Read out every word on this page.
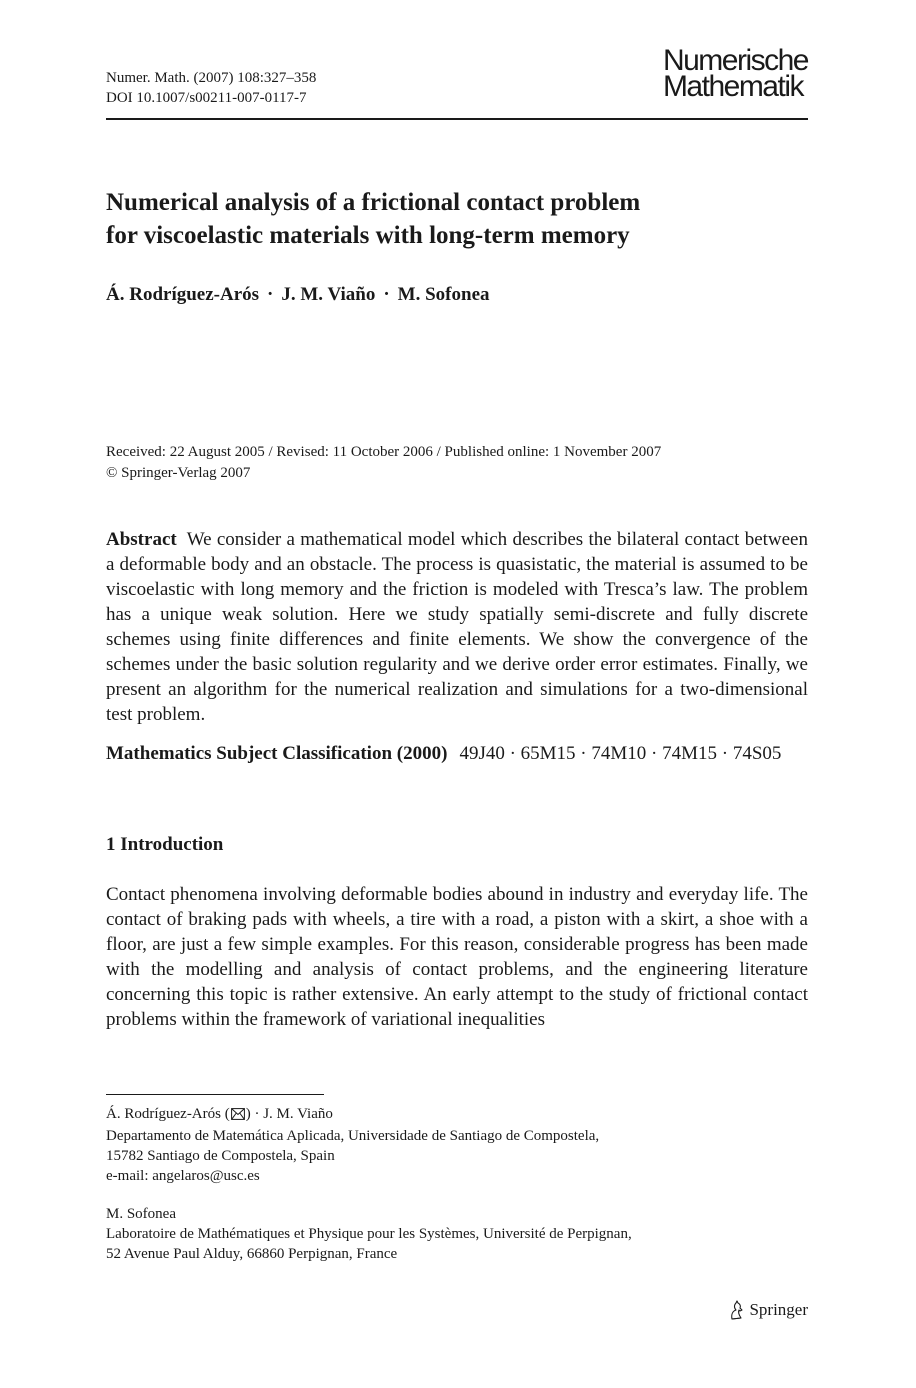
Numer. Math. (2007) 108:327–358
DOI 10.1007/s00211-007-0117-7
Numerische
Mathematik
Numerical analysis of a frictional contact problem
for viscoelastic materials with long-term memory
Á. Rodríguez-Arós · J. M. Viaño · M. Sofonea
Received: 22 August 2005 / Revised: 11 October 2006 / Published online: 1 November 2007
© Springer-Verlag 2007

Abstract We consider a mathematical model which describes the bilateral contact between a deformable body and an obstacle. The process is quasistatic, the material is assumed to be viscoelastic with long memory and the friction is modeled with Tresca’s law. The problem has a unique weak solution. Here we study spatially semi-discrete and fully discrete schemes using finite differences and finite elements. We show the convergence of the schemes under the basic solution regularity and we derive order error estimates. Finally, we present an algorithm for the numerical realization and simulations for a two-dimensional test problem.

Mathematics Subject Classification (2000) 49J40 · 65M15 · 74M10 · 74M15 · 74S05

1 Introduction

Contact phenomena involving deformable bodies abound in industry and everyday life. The contact of braking pads with wheels, a tire with a road, a piston with a skirt, a shoe with a floor, are just a few simple examples. For this reason, considerable progress has been made with the modelling and analysis of contact problems, and the engineering literature concerning this topic is rather extensive. An early attempt to the study of frictional contact problems within the framework of variational inequalities

Á. Rodríguez-Arós ( ) · J. M. Viaño
Departamento de Matemática Aplicada, Universidade de Santiago de Compostela,
15782 Santiago de Compostela, Spain
e-mail: angelaros@usc.es
M. Sofonea
Laboratoire de Mathématiques et Physique pour les Systèmes, Université de Perpignan,
52 Avenue Paul Alduy, 66860 Perpignan, France
Springer
